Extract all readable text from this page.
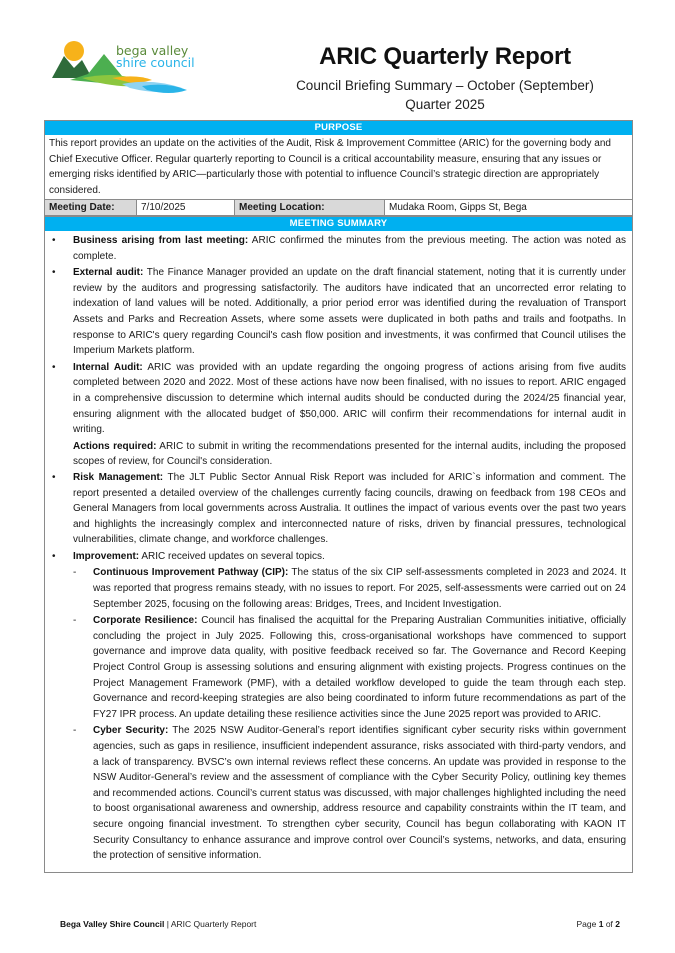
bega valley
shire council	ARIC Quarterly Report
Council Briefing Summary – October (September)
Quarter 2025
PURPOSE
This report provides an update on the activities of the Audit, Risk & Improvement Committee (ARIC) for the governing body and Chief Executive Officer. Regular quarterly reporting to Council is a critical accountability measure, ensuring that any issues or emerging risks identified by ARIC—particularly those with potential to influence Council’s strategic direction are appropriately considered.
Meeting Date:	7/10/2025	Meeting Location:	Mudaka Room, Gipps St, Bega
MEETING SUMMARY
• Business arising from last meeting: ARIC confirmed the minutes from the previous meeting. The action was noted as complete.
• External audit: The Finance Manager provided an update on the draft financial statement, noting that it is currently under review by the auditors and progressing satisfactorily. The auditors have indicated that an uncorrected error relating to indexation of land values will be noted. Additionally, a prior period error was identified during the revaluation of Transport Assets and Parks and Recreation Assets, where some assets were duplicated in both paths and trails and footpaths. In response to ARIC's query regarding Council's cash flow position and investments, it was confirmed that Council utilises the Imperium Markets platform.
• Internal Audit: ARIC was provided with an update regarding the ongoing progress of actions arising from five audits completed between 2020 and 2022. Most of these actions have now been finalised, with no issues to report. ARIC engaged in a comprehensive discussion to determine which internal audits should be conducted during the 2024/25 financial year, ensuring alignment with the allocated budget of $50,000. ARIC will confirm their recommendations for internal audit in writing.
Actions required: ARIC to submit in writing the recommendations presented for the internal audits, including the proposed scopes of review, for Council's consideration.
• Risk Management: The JLT Public Sector Annual Risk Report was included for ARIC`s information and comment. The report presented a detailed overview of the challenges currently facing councils, drawing on feedback from 198 CEOs and General Managers from local governments across Australia. It outlines the impact of various events over the past two years and highlights the increasingly complex and interconnected nature of risks, driven by financial pressures, technological vulnerabilities, climate change, and workforce challenges.
• Improvement: ARIC received updates on several topics.
- Continuous Improvement Pathway (CIP): The status of the six CIP self-assessments completed in 2023 and 2024. It was reported that progress remains steady, with no issues to report. For 2025, self-assessments were carried out on 24 September 2025, focusing on the following areas: Bridges, Trees, and Incident Investigation.
- Corporate Resilience: Council has finalised the acquittal for the Preparing Australian Communities initiative, officially concluding the project in July 2025. Following this, cross-organisational workshops have commenced to support governance and improve data quality, with positive feedback received so far. The Governance and Record Keeping Project Control Group is assessing solutions and ensuring alignment with existing projects. Progress continues on the Project Management Framework (PMF), with a detailed workflow developed to guide the team through each step. Governance and record-keeping strategies are also being coordinated to inform future recommendations as part of the FY27 IPR process. An update detailing these resilience activities since the June 2025 report was provided to ARIC.
- Cyber Security: The 2025 NSW Auditor-General’s report identifies significant cyber security risks within government agencies, such as gaps in resilience, insufficient independent assurance, risks associated with third-party vendors, and a lack of transparency. BVSC’s own internal reviews reflect these concerns. An update was provided in response to the NSW Auditor-General’s review and the assessment of compliance with the Cyber Security Policy, outlining key themes and recommended actions. Council’s current status was discussed, with major challenges highlighted including the need to boost organisational awareness and ownership, address resource and capability constraints within the IT team, and secure ongoing financial investment. To strengthen cyber security, Council has begun collaborating with KAON IT Security Consultancy to enhance assurance and improve control over Council’s systems, networks, and data, ensuring the protection of sensitive information.
Bega Valley Shire Council | ARIC Quarterly Report	Page 1 of 2
